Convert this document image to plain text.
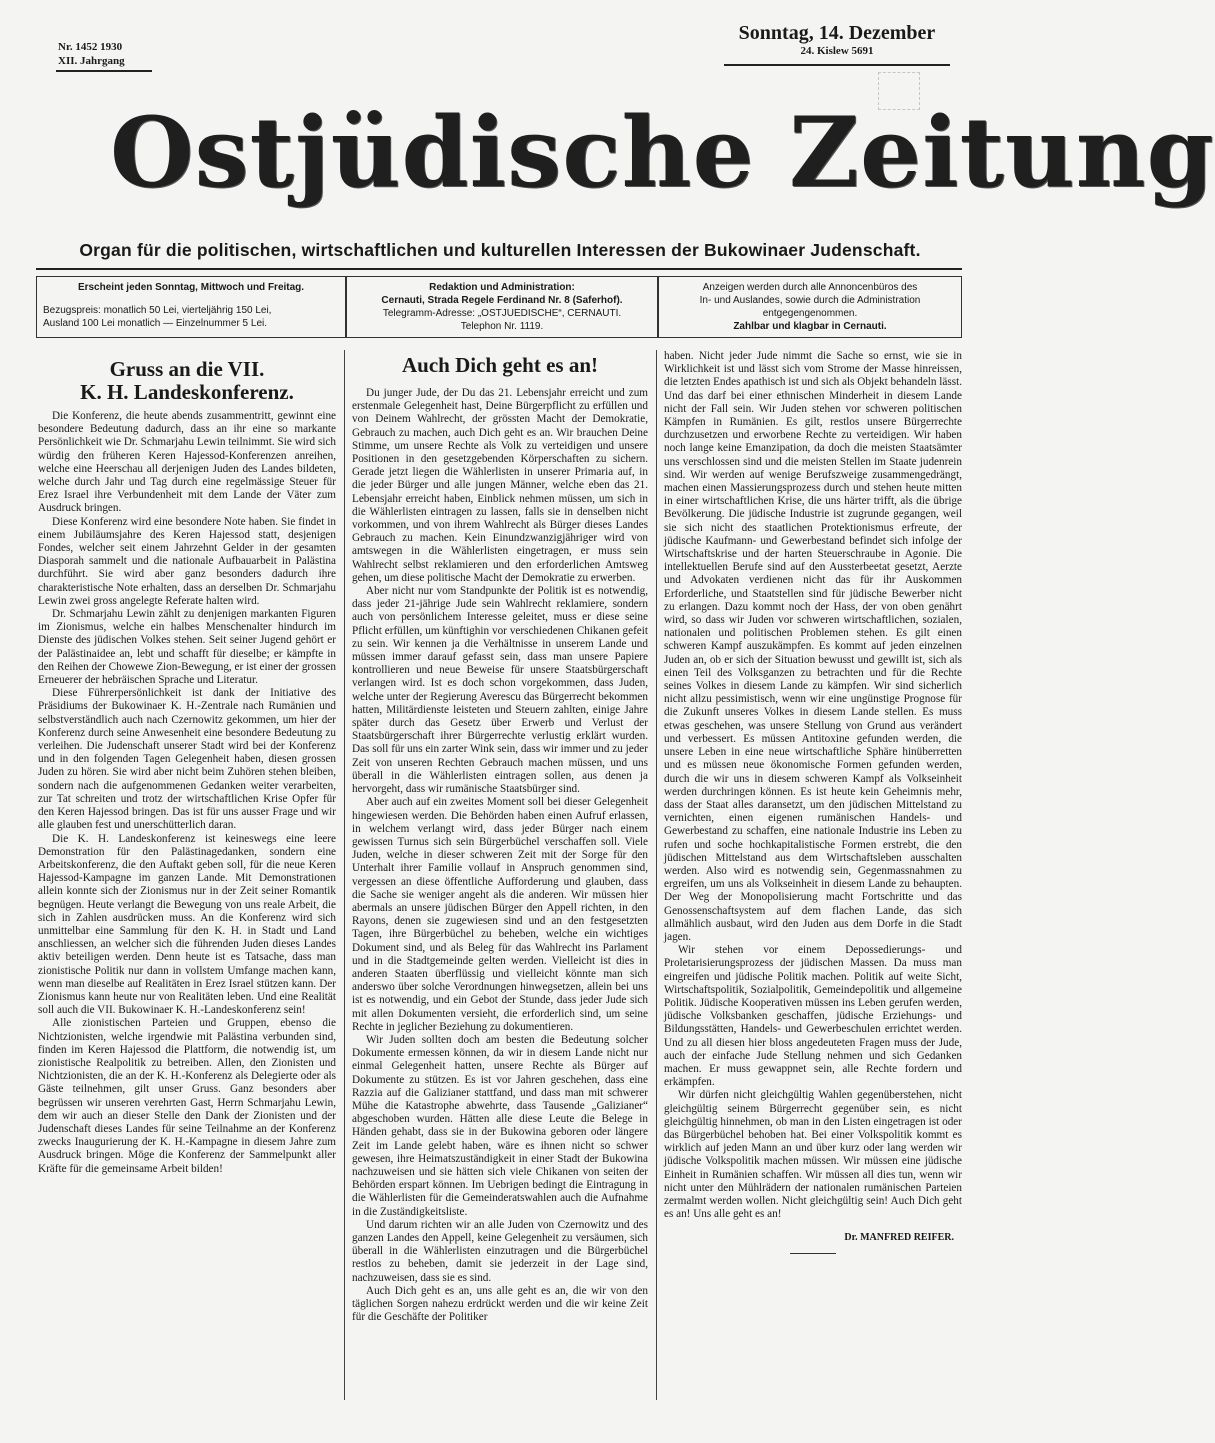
Nr. 1452 1930
XII. Jahrgang
Sonntag, 14. Dezember
24. Kislew 5691
Ostjüdische Zeitung
Organ für die politischen, wirtschaftlichen und kulturellen Interessen der Bukowinaer Judenschaft.
Erscheint jeden Sonntag, Mittwoch und Freitag.
Bezugspreis: monatlich 50 Lei, vierteljährig 150 Lei,
Ausland 100 Lei monatlich — Einzelnummer 5 Lei.
Redaktion und Administration:
Cernauti, Strada Regele Ferdinand Nr. 8 (Saferhof).
Telegramm-Adresse: „OSTJUEDISCHE“, CERNAUTI.
Telephon Nr. 1119.
Anzeigen werden durch alle Annoncenbüros des
In- und Auslandes, sowie durch die Administration
entgegengenommen.
Zahlbar und klagbar in Cernauti.
Gruss an die VII.
K. H. Landeskonferenz.

Die Konferenz, die heute abends zusammentritt, gewinnt eine besondere Bedeutung dadurch, dass an ihr eine so markante Persönlichkeit wie Dr. Schmarjahu Lewin teilnimmt. Sie wird sich würdig den früheren Keren Hajessod-Konferenzen anreihen, welche eine Heerschau all derjenigen Juden des Landes bildeten, welche durch Jahr und Tag durch eine regelmässige Steuer für Erez Israel ihre Verbundenheit mit dem Lande der Väter zum Ausdruck bringen.

Diese Konferenz wird eine besondere Note haben. Sie findet in einem Jubiläumsjahre des Keren Hajessod statt, desjenigen Fondes, welcher seit einem Jahrzehnt Gelder in der gesamten Diasporah sammelt und die nationale Aufbauarbeit in Palästina durchführt. Sie wird aber ganz besonders dadurch ihre charakteristische Note erhalten, dass an derselben Dr. Schmarjahu Lewin zwei gross angelegte Referate halten wird.

Dr. Schmarjahu Lewin zählt zu denjenigen markanten Figuren im Zionismus, welche ein halbes Menschenalter hindurch im Dienste des jüdischen Volkes stehen. Seit seiner Jugend gehört er der Palästinaidee an, lebt und schafft für dieselbe; er kämpfte in den Reihen der Chowewe Zion-Bewegung, er ist einer der grossen Erneuerer der hebräischen Sprache und Literatur.

Diese Führerpersönlichkeit ist dank der Initiative des Präsidiums der Bukowinaer K. H.-Zentrale nach Rumänien und selbstverständlich auch nach Czernowitz gekommen, um hier der Konferenz durch seine Anwesenheit eine besondere Bedeutung zu verleihen. Die Judenschaft unserer Stadt wird bei der Konferenz und in den folgenden Tagen Gelegenheit haben, diesen grossen Juden zu hören. Sie wird aber nicht beim Zuhören stehen bleiben, sondern nach die aufgenommenen Gedanken weiter verarbeiten, zur Tat schreiten und trotz der wirtschaftlichen Krise Opfer für den Keren Hajessod bringen. Das ist für uns ausser Frage und wir alle glauben fest und unerschütterlich daran.

Die K. H. Landeskonferenz ist keineswegs eine leere Demonstration für den Palästinagedanken, sondern eine Arbeitskonferenz, die den Auftakt geben soll, für die neue Keren Hajessod-Kampagne im ganzen Lande. Mit Demonstrationen allein konnte sich der Zionismus nur in der Zeit seiner Romantik begnügen. Heute verlangt die Bewegung von uns reale Arbeit, die sich in Zahlen ausdrücken muss. An die Konferenz wird sich unmittelbar eine Sammlung für den K. H. in Stadt und Land anschliessen, an welcher sich die führenden Juden dieses Landes aktiv beteiligen werden. Denn heute ist es Tatsache, dass man zionistische Politik nur dann in vollstem Umfange machen kann, wenn man dieselbe auf Realitäten in Erez Israel stützen kann. Der Zionismus kann heute nur von Realitäten leben. Und eine Realität soll auch die VII. Bukowinaer K. H.-Landeskonferenz sein!

Alle zionistischen Parteien und Gruppen, ebenso die Nichtzionisten, welche irgendwie mit Palästina verbunden sind, finden im Keren Hajessod die Plattform, die notwendig ist, um zionistische Realpolitik zu betreiben. Allen, den Zionisten und Nichtzionisten, die an der K. H.-Konferenz als Delegierte oder als Gäste teilnehmen, gilt unser Gruss. Ganz besonders aber begrüssen wir unseren verehrten Gast, Herrn Schmarjahu Lewin, dem wir auch an dieser Stelle den Dank der Zionisten und der Judenschaft dieses Landes für seine Teilnahme an der Konferenz zwecks Inaugurierung der K. H.-Kampagne in diesem Jahre zum Ausdruck bringen. Möge die Konferenz der Sammelpunkt aller Kräfte für die gemeinsame Arbeit bilden!

Auch Dich geht es an!

Du junger Jude, der Du das 21. Lebensjahr erreicht und zum erstenmale Gelegenheit hast, Deine Bürgerpflicht zu erfüllen und von Deinem Wahlrecht, der grössten Macht der Demokratie, Gebrauch zu machen, auch Dich geht es an. Wir brauchen Deine Stimme, um unsere Rechte als Volk zu verteidigen und unsere Positionen in den gesetzgebenden Körperschaften zu sichern. Gerade jetzt liegen die Wählerlisten in unserer Primaria auf, in die jeder Bürger und alle jungen Männer, welche eben das 21. Lebensjahr erreicht haben, Einblick nehmen müssen, um sich in die Wählerlisten eintragen zu lassen, falls sie in denselben nicht vorkommen, und von ihrem Wahlrecht als Bürger dieses Landes Gebrauch zu machen. Kein Einundzwanzigjähriger wird von amtswegen in die Wählerlisten eingetragen, er muss sein Wahlrecht selbst reklamieren und den erforderlichen Amtsweg gehen, um diese politische Macht der Demokratie zu erwerben.

Aber nicht nur vom Standpunkte der Politik ist es notwendig, dass jeder 21-jährige Jude sein Wahlrecht reklamiere, sondern auch von persönlichem Interesse geleitet, muss er diese seine Pflicht erfüllen, um künftighin vor verschiedenen Chikanen gefeit zu sein. Wir kennen ja die Verhältnisse in unserem Lande und müssen immer darauf gefasst sein, dass man unsere Papiere kontrollieren und neue Beweise für unsere Staatsbürgerschaft verlangen wird. Ist es doch schon vorgekommen, dass Juden, welche unter der Regierung Averescu das Bürgerrecht bekommen hatten, Militärdienste leisteten und Steuern zahlten, einige Jahre später durch das Gesetz über Erwerb und Verlust der Staatsbürgerschaft ihrer Bürgerrechte verlustig erklärt wurden. Das soll für uns ein zarter Wink sein, dass wir immer und zu jeder Zeit von unseren Rechten Gebrauch machen müssen, und uns überall in die Wählerlisten eintragen sollen, aus denen ja hervorgeht, dass wir rumänische Staatsbürger sind.

Aber auch auf ein zweites Moment soll bei dieser Gelegenheit hingewiesen werden. Die Behörden haben einen Aufruf erlassen, in welchem verlangt wird, dass jeder Bürger nach einem gewissen Turnus sich sein Bürgerbüchel verschaffen soll. Viele Juden, welche in dieser schweren Zeit mit der Sorge für den Unterhalt ihrer Familie vollauf in Anspruch genommen sind, vergessen an diese öffentliche Aufforderung und glauben, dass die Sache sie weniger angeht als die anderen. Wir müssen hier abermals an unsere jüdischen Bürger den Appell richten, in den Rayons, denen sie zugewiesen sind und an den festgesetzten Tagen, ihre Bürgerbüchel zu beheben, welche ein wichtiges Dokument sind, und als Beleg für das Wahlrecht ins Parlament und in die Stadtgemeinde gelten werden. Vielleicht ist dies in anderen Staaten überflüssig und vielleicht könnte man sich anderswo über solche Verordnungen hinwegsetzen, allein bei uns ist es notwendig, und ein Gebot der Stunde, dass jeder Jude sich mit allen Dokumenten versieht, die erforderlich sind, um seine Rechte in jeglicher Beziehung zu dokumentieren.

Wir Juden sollten doch am besten die Bedeutung solcher Dokumente ermessen können, da wir in diesem Lande nicht nur einmal Gelegenheit hatten, unsere Rechte als Bürger auf Dokumente zu stützen. Es ist vor Jahren geschehen, dass eine Razzia auf die Galizianer stattfand, und dass man mit schwerer Mühe die Katastrophe abwehrte, dass Tausende „Galizianer“ abgeschoben wurden. Hätten alle diese Leute die Belege in Händen gehabt, dass sie in der Bukowina geboren oder längere Zeit im Lande gelebt haben, wäre es ihnen nicht so schwer gewesen, ihre Heimatszuständigkeit in einer Stadt der Bukowina nachzuweisen und sie hätten sich viele Chikanen von seiten der Behörden erspart können. Im Uebrigen bedingt die Eintragung in die Wählerlisten für die Gemeinderatswahlen auch die Aufnahme in die Zuständigkeitsliste.

Und darum richten wir an alle Juden von Czernowitz und des ganzen Landes den Appell, keine Gelegenheit zu versäumen, sich überall in die Wählerlisten einzutragen und die Bürgerbüchel restlos zu beheben, damit sie jederzeit in der Lage sind, nachzuweisen, dass sie es sind.

Auch Dich geht es an, uns alle geht es an, die wir von den täglichen Sorgen nahezu erdrückt werden und die wir keine Zeit für die Geschäfte der Politiker

haben. Nicht jeder Jude nimmt die Sache so ernst, wie sie in Wirklichkeit ist und lässt sich vom Strome der Masse hinreissen, die letzten Endes apathisch ist und sich als Objekt behandeln lässt. Und das darf bei einer ethnischen Minderheit in diesem Lande nicht der Fall sein. Wir Juden stehen vor schweren politischen Kämpfen in Rumänien. Es gilt, restlos unsere Bürgerrechte durchzusetzen und erworbene Rechte zu verteidigen. Wir haben noch lange keine Emanzipation, da doch die meisten Staatsämter uns verschlossen sind und die meisten Stellen im Staate judenrein sind. Wir werden auf wenige Berufszweige zusammengedrängt, machen einen Massierungsprozess durch und stehen heute mitten in einer wirtschaftlichen Krise, die uns härter trifft, als die übrige Bevölkerung. Die jüdische Industrie ist zugrunde gegangen, weil sie sich nicht des staatlichen Protektionismus erfreute, der jüdische Kaufmann- und Gewerbestand befindet sich infolge der Wirtschaftskrise und der harten Steuerschraube in Agonie. Die intellektuellen Berufe sind auf den Aussterbeetat gesetzt, Aerzte und Advokaten verdienen nicht das für ihr Auskommen Erforderliche, und Staatstellen sind für jüdische Bewerber nicht zu erlangen. Dazu kommt noch der Hass, der von oben genährt wird, so dass wir Juden vor schweren wirtschaftlichen, sozialen, nationalen und politischen Problemen stehen. Es gilt einen schweren Kampf auszukämpfen. Es kommt auf jeden einzelnen Juden an, ob er sich der Situation bewusst und gewillt ist, sich als einen Teil des Volksganzen zu betrachten und für die Rechte seines Volkes in diesem Lande zu kämpfen. Wir sind sicherlich nicht allzu pessimistisch, wenn wir eine ungünstige Prognose für die Zukunft unseres Volkes in diesem Lande stellen. Es muss etwas geschehen, was unsere Stellung von Grund aus verändert und verbessert. Es müssen Antitoxine gefunden werden, die unsere Leben in eine neue wirtschaftliche Sphäre hinüberretten und es müssen neue ökonomische Formen gefunden werden, durch die wir uns in diesem schweren Kampf als Volkseinheit werden durchringen können. Es ist heute kein Geheimnis mehr, dass der Staat alles daransetzt, um den jüdischen Mittelstand zu vernichten, einen eigenen rumänischen Handels- und Gewerbestand zu schaffen, eine nationale Industrie ins Leben zu rufen und soche hochkapitalistische Formen erstrebt, die den jüdischen Mittelstand aus dem Wirtschaftsleben ausschalten werden. Also wird es notwendig sein, Gegenmassnahmen zu ergreifen, um uns als Volkseinheit in diesem Lande zu behaupten. Der Weg der Monopolisierung macht Fortschritte und das Genossenschaftsystem auf dem flachen Lande, das sich allmählich ausbaut, wird den Juden aus dem Dorfe in die Stadt jagen.

Wir stehen vor einem Depossedierungs- und Proletarisierungsprozess der jüdischen Massen. Da muss man eingreifen und jüdische Politik machen. Politik auf weite Sicht, Wirtschaftspolitik, Sozialpolitik, Gemeindepolitik und allgemeine Politik. Jüdische Kooperativen müssen ins Leben gerufen werden, jüdische Volksbanken geschaffen, jüdische Erziehungs- und Bildungsstätten, Handels- und Gewerbeschulen errichtet werden. Und zu all diesen hier bloss angedeuteten Fragen muss der Jude, auch der einfache Jude Stellung nehmen und sich Gedanken machen. Er muss gewappnet sein, alle Rechte fordern und erkämpfen.

Wir dürfen nicht gleichgültig Wahlen gegenüberstehen, nicht gleichgültig seinem Bürgerrecht gegenüber sein, es nicht gleichgültig hinnehmen, ob man in den Listen eingetragen ist oder das Bürgerbüchel behoben hat. Bei einer Volkspolitik kommt es wirklich auf jeden Mann an und über kurz oder lang werden wir jüdische Volkspolitik machen müssen. Wir müssen eine jüdische Einheit in Rumänien schaffen. Wir müssen all dies tun, wenn wir nicht unter den Mühlrädern der nationalen rumänischen Parteien zermalmt werden wollen. Nicht gleichgültig sein! Auch Dich geht es an! Uns alle geht es an!

Dr. MANFRED REIFER.
